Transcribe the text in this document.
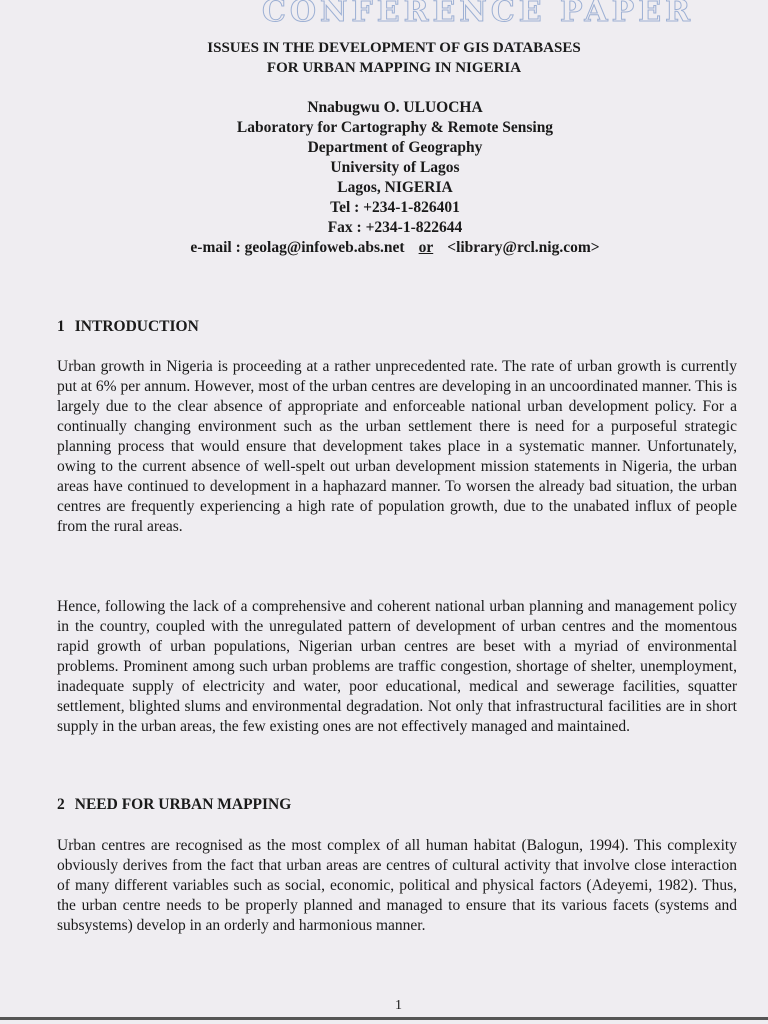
CONFERENCE PAPER
ISSUES IN THE DEVELOPMENT OF GIS DATABASES
FOR URBAN MAPPING IN NIGERIA
Nnabugwu O. ULUOCHA
Laboratory for Cartography & Remote Sensing
Department of Geography
University of Lagos
Lagos, NIGERIA
Tel : +234-1-826401
Fax : +234-1-822644
e-mail : geolag@infoweb.abs.net or <library@rcl.nig.com>
1 INTRODUCTION

Urban growth in Nigeria is proceeding at a rather unprecedented rate. The rate of urban growth is currently put at 6% per annum. However, most of the urban centres are developing in an uncoordinated manner. This is largely due to the clear absence of appropriate and enforceable national urban development policy. For a continually changing environment such as the urban settlement there is need for a purposeful strategic planning process that would ensure that development takes place in a systematic manner. Unfortunately, owing to the current absence of well-spelt out urban development mission statements in Nigeria, the urban areas have continued to development in a haphazard manner. To worsen the already bad situation, the urban centres are frequently experiencing a high rate of population growth, due to the unabated influx of people from the rural areas.

Hence, following the lack of a comprehensive and coherent national urban planning and management policy in the country, coupled with the unregulated pattern of development of urban centres and the momentous rapid growth of urban populations, Nigerian urban centres are beset with a myriad of environmental problems. Prominent among such urban problems are traffic congestion, shortage of shelter, unemployment, inadequate supply of electricity and water, poor educational, medical and sewerage facilities, squatter settlement, blighted slums and environmental degradation. Not only that infrastructural facilities are in short supply in the urban areas, the few existing ones are not effectively managed and maintained.

2 NEED FOR URBAN MAPPING

Urban centres are recognised as the most complex of all human habitat (Balogun, 1994). This complexity obviously derives from the fact that urban areas are centres of cultural activity that involve close interaction of many different variables such as social, economic, political and physical factors (Adeyemi, 1982). Thus, the urban centre needs to be properly planned and managed to ensure that its various facets (systems and subsystems) develop in an orderly and harmonious manner.

1
